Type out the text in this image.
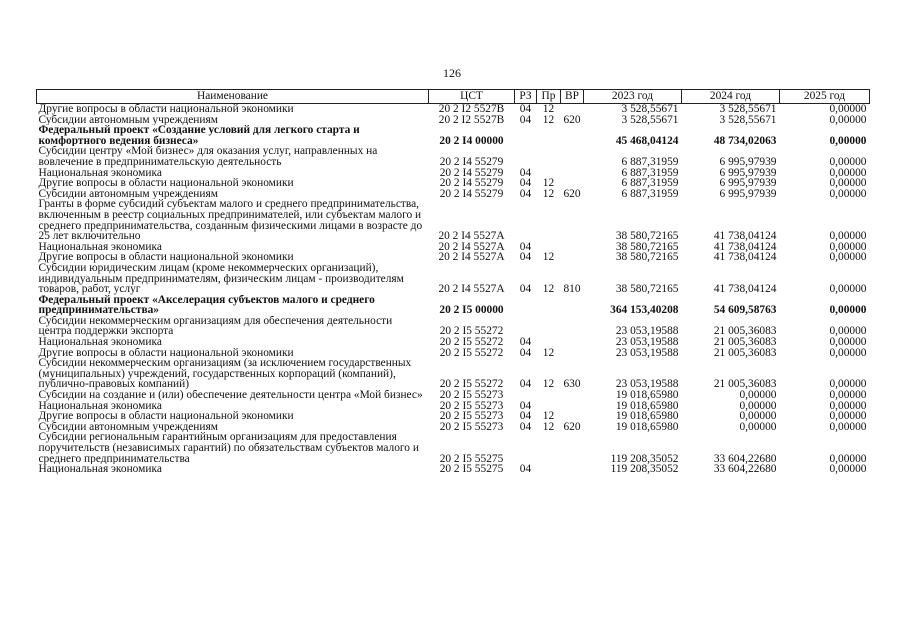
126
Наименование	ЦСТ	РЗ	Пр	ВР	2023 год	2024 год	2025 год
Другие вопросы в области национальной экономики	20 2 I2 5527B	04	12		3 528,55671	3 528,55671	0,00000
Субсидии автономным учреждениям	20 2 I2 5527B	04	12	620	3 528,55671	3 528,55671	0,00000
Федеральный проект «Создание условий для легкого старта и комфортного ведения бизнеса»	20 2 I4 00000				45 468,04124	48 734,02063	0,00000
Субсидии центру «Мой бизнес» для оказания услуг, направленных на вовлечение в предпринимательскую деятельность	20 2 I4 55279				6 887,31959	6 995,97939	0,00000
Национальная экономика	20 2 I4 55279	04			6 887,31959	6 995,97939	0,00000
Другие вопросы в области национальной экономики	20 2 I4 55279	04	12		6 887,31959	6 995,97939	0,00000
Субсидии автономным учреждениям	20 2 I4 55279	04	12	620	6 887,31959	6 995,97939	0,00000
Гранты в форме субсидий субъектам малого и среднего предпринимательства, включенным в реестр социальных предпринимателей, или субъектам малого и среднего предпринимательства, созданным физическими лицами в возрасте до 25 лет включительно	20 2 I4 5527A				38 580,72165	41 738,04124	0,00000
Национальная экономика	20 2 I4 5527A	04			38 580,72165	41 738,04124	0,00000
Другие вопросы в области национальной экономики	20 2 I4 5527A	04	12		38 580,72165	41 738,04124	0,00000
Субсидии юридическим лицам (кроме некоммерческих организаций), индивидуальным предпринимателям, физическим лицам - производителям товаров, работ, услуг	20 2 I4 5527A	04	12	810	38 580,72165	41 738,04124	0,00000
Федеральный проект «Акселерация субъектов малого и среднего предпринимательства»	20 2 I5 00000				364 153,40208	54 609,58763	0,00000
Субсидии некоммерческим организациям для обеспечения деятельности центра поддержки экспорта	20 2 I5 55272				23 053,19588	21 005,36083	0,00000
Национальная экономика	20 2 I5 55272	04			23 053,19588	21 005,36083	0,00000
Другие вопросы в области национальной экономики	20 2 I5 55272	04	12		23 053,19588	21 005,36083	0,00000
Субсидии некоммерческим организациям (за исключением государственных (муниципальных) учреждений, государственных корпораций (компаний), публично-правовых компаний)	20 2 I5 55272	04	12	630	23 053,19588	21 005,36083	0,00000
Субсидии на создание и (или) обеспечение деятельности центра «Мой бизнес»	20 2 I5 55273				19 018,65980	0,00000	0,00000
Национальная экономика	20 2 I5 55273	04			19 018,65980	0,00000	0,00000
Другие вопросы в области национальной экономики	20 2 I5 55273	04	12		19 018,65980	0,00000	0,00000
Субсидии автономным учреждениям	20 2 I5 55273	04	12	620	19 018,65980	0,00000	0,00000
Субсидии региональным гарантийным организациям для предоставления поручительств (независимых гарантий) по обязательствам субъектов малого и среднего предпринимательства	20 2 I5 55275				119 208,35052	33 604,22680	0,00000
Национальная экономика	20 2 I5 55275	04			119 208,35052	33 604,22680	0,00000
